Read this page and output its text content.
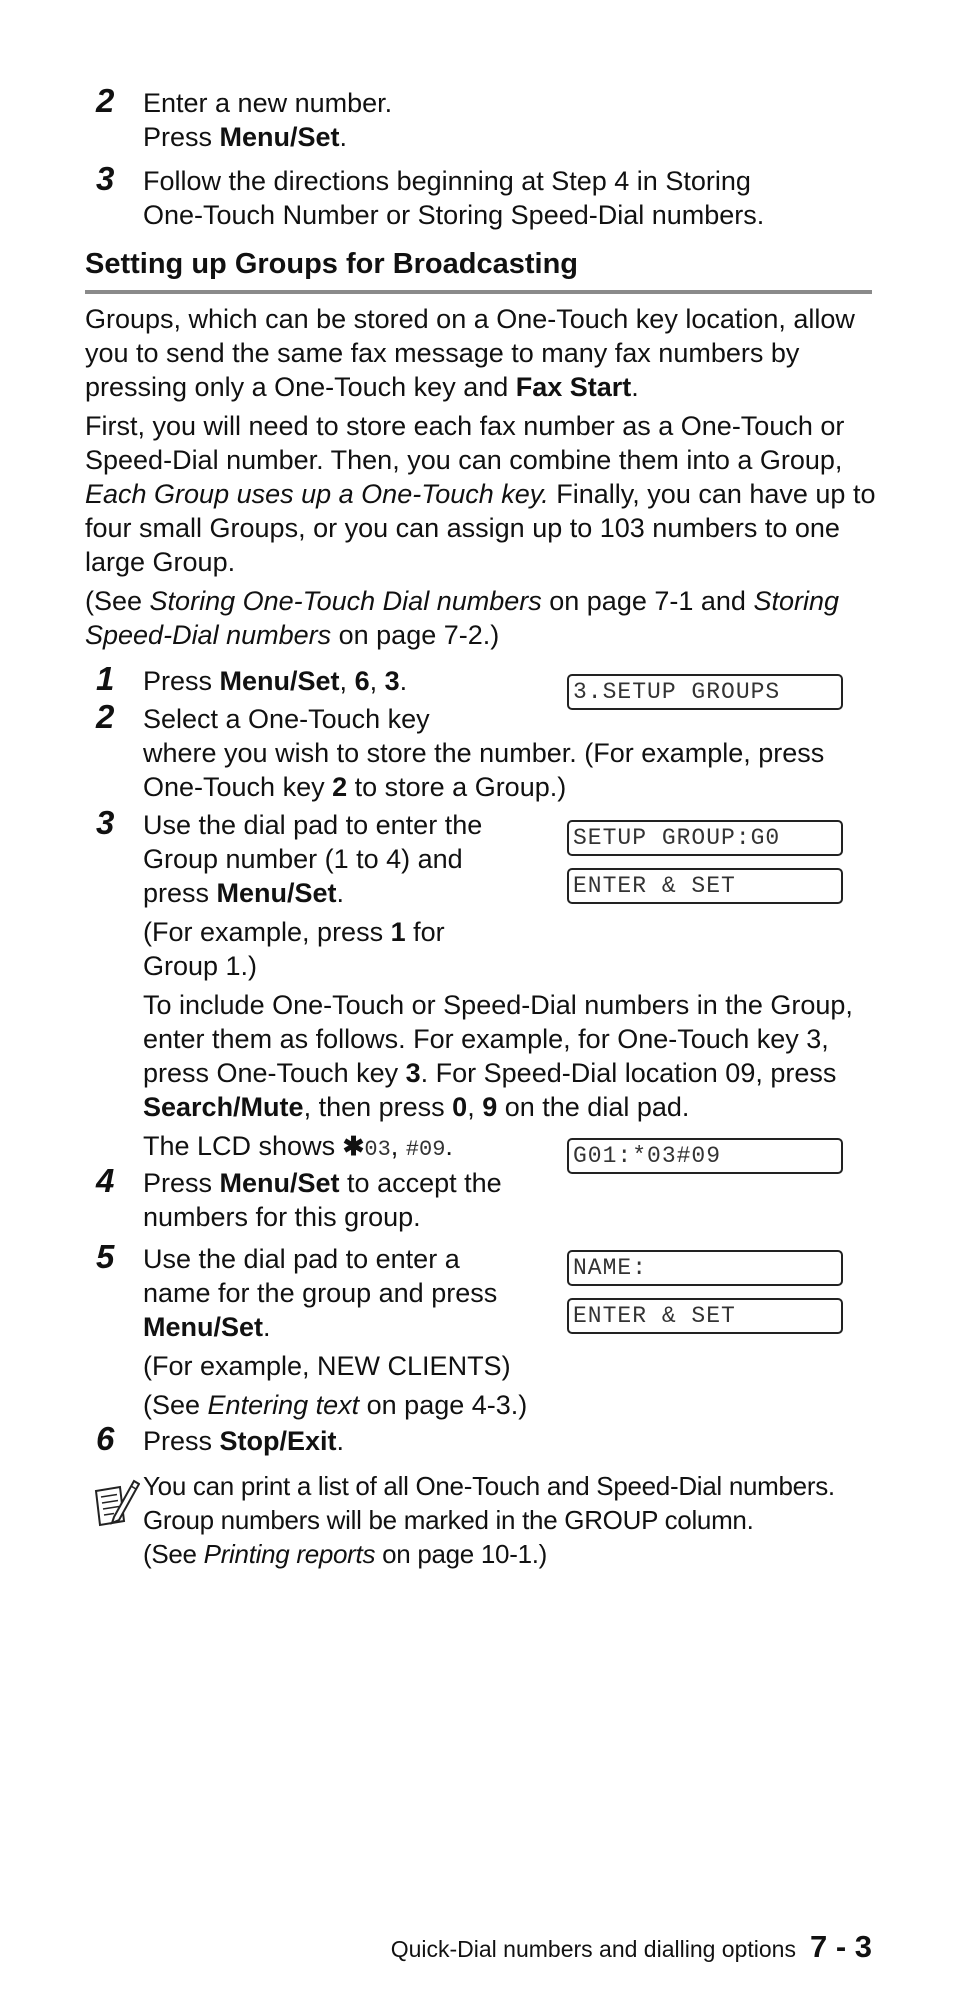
2 Enter a new number.
Press Menu/Set.
3 Follow the directions beginning at Step 4 in Storing
One-Touch Number or Storing Speed-Dial numbers.
Setting up Groups for Broadcasting
Groups, which can be stored on a One-Touch key location, allow
you to send the same fax message to many fax numbers by
pressing only a One-Touch key and Fax Start.
First, you will need to store each fax number as a One-Touch or
Speed-Dial number. Then, you can combine them into a Group,
Each Group uses up a One-Touch key. Finally, you can have up to
four small Groups, or you can assign up to 103 numbers to one
large Group.
(See Storing One-Touch Dial numbers on page 7-1 and Storing
Speed-Dial numbers on page 7-2.)
1 Press Menu/Set, 6, 3.	3.SETUP GROUPS
2 Select a One-Touch key
where you wish to store the number. (For example, press
One-Touch key 2 to store a Group.)
3 Use the dial pad to enter the
Group number (1 to 4) and
press Menu/Set.
(For example, press 1 for
Group 1.)
To include One-Touch or Speed-Dial numbers in the Group,
enter them as follows. For example, for One-Touch key 3,
press One-Touch key 3. For Speed-Dial location 09, press
Search/Mute, then press 0, 9 on the dial pad.
The LCD shows ✱03, #09.
SETUP GROUP:G0
ENTER & SET
G01:*03#09
4 Press Menu/Set to accept the
numbers for this group.
5 Use the dial pad to enter a
name for the group and press
Menu/Set.
(For example, NEW CLIENTS)
(See Entering text on page 4-3.)
NAME:
ENTER & SET
6 Press Stop/Exit.
You can print a list of all One-Touch and Speed-Dial numbers.
Group numbers will be marked in the GROUP column.
(See Printing reports on page 10-1.)
Quick-Dial numbers and dialling options 7 - 3
